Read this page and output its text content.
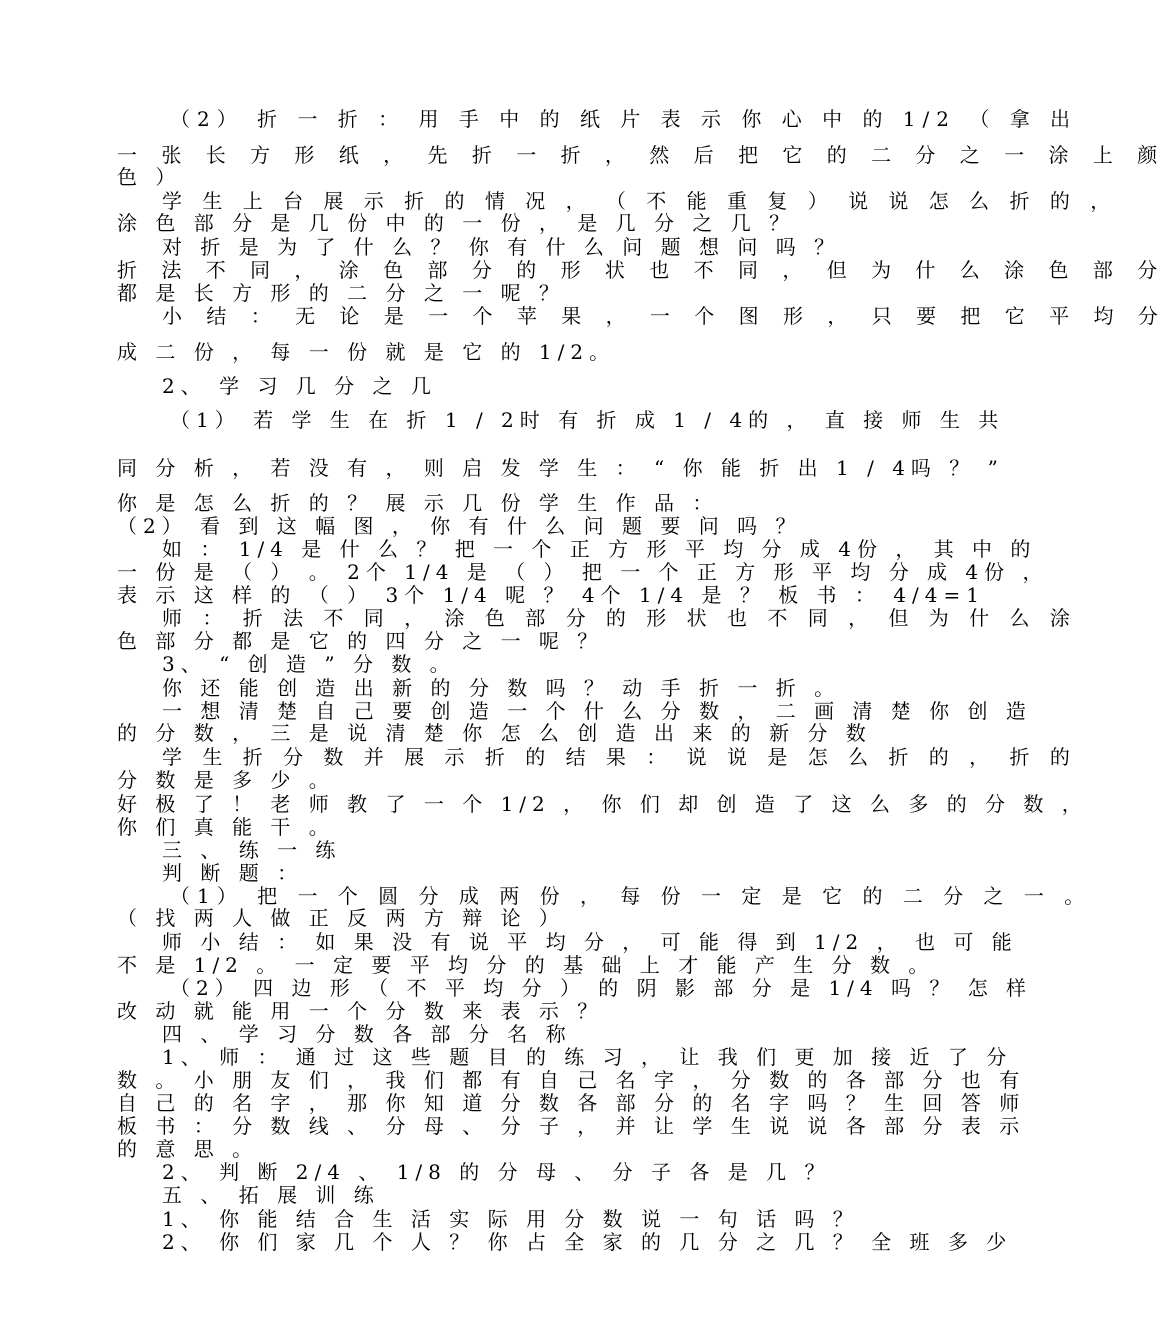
（2） 折 一 折 ： 用 手 中 的 纸 片 表 示 你 心 中 的 1/2 （ 拿 出
一 张 长 方 形 纸 ， 先 折 一 折 ， 然 后 把 它 的 二 分 之 一 涂 上 颜
色 ）
学 生 上 台 展 示 折 的 情 况 ， （ 不 能 重 复 ） 说 说 怎 么 折 的 ，
涂 色 部 分 是 几 份 中 的 一 份 ， 是 几 分 之 几 ？
对 折 是 为 了 什 么 ？ 你 有 什 么 问 题 想 问 吗 ？
折 法 不 同 ， 涂 色 部 分 的 形 状 也 不 同 ， 但 为 什 么 涂 色 部 分
都 是 长 方 形 的 二 分 之 一 呢 ？
小 结 ： 无 论 是 一 个 苹 果 ， 一 个 图 形 ， 只 要 把 它 平 均 分
成 二 份 ， 每 一 份 就 是 它 的 1/2。
2、 学 习 几 分 之 几
（1） 若 学 生 在 折 1 / 2时 有 折 成 1 / 4的 ， 直 接 师 生 共
同 分 析 ， 若 没 有 ， 则 启 发 学 生 ： “ 你 能 折 出 1 / 4吗 ？ ”
你 是 怎 么 折 的 ？ 展 示 几 份 学 生 作 品 ：
（2） 看 到 这 幅 图 ， 你 有 什 么 问 题 要 问 吗 ？
如 ： 1/4 是 什 么 ？ 把 一 个 正 方 形 平 均 分 成 4份 ， 其 中 的
一 份 是 （ ） 。 2个 1/4 是 （ ） 把 一 个 正 方 形 平 均 分 成 4份 ，
表 示 这 样 的 （ ） 3个 1/4 呢 ？ 4个 1/4 是 ？ 板 书 ： 4/4=1
师 ： 折 法 不 同 ， 涂 色 部 分 的 形 状 也 不 同 ， 但 为 什 么 涂
色 部 分 都 是 它 的 四 分 之 一 呢 ？
3、 “ 创 造 ” 分 数 。
你 还 能 创 造 出 新 的 分 数 吗 ？ 动 手 折 一 折 。
一 想 清 楚 自 己 要 创 造 一 个 什 么 分 数 ， 二 画 清 楚 你 创 造
的 分 数 ， 三 是 说 清 楚 你 怎 么 创 造 出 来 的 新 分 数
学 生 折 分 数 并 展 示 折 的 结 果 ： 说 说 是 怎 么 折 的 ， 折 的
分 数 是 多 少 。
好 极 了 ！ 老 师 教 了 一 个 1/2 ， 你 们 却 创 造 了 这 么 多 的 分 数 ，
你 们 真 能 干 。
三 、 练 一 练
判 断 题 ：
（1） 把 一 个 圆 分 成 两 份 ， 每 份 一 定 是 它 的 二 分 之 一 。
（ 找 两 人 做 正 反 两 方 辩 论 ）
师 小 结 ： 如 果 没 有 说 平 均 分 ， 可 能 得 到 1/2 ， 也 可 能
不 是 1/2 。 一 定 要 平 均 分 的 基 础 上 才 能 产 生 分 数 。
（2） 四 边 形 （ 不 平 均 分 ） 的 阴 影 部 分 是 1/4 吗 ？ 怎 样
改 动 就 能 用 一 个 分 数 来 表 示 ？
四 、 学 习 分 数 各 部 分 名 称
1、 师 ： 通 过 这 些 题 目 的 练 习 ， 让 我 们 更 加 接 近 了 分
数 。 小 朋 友 们 ， 我 们 都 有 自 己 名 字 ， 分 数 的 各 部 分 也 有
自 己 的 名 字 ， 那 你 知 道 分 数 各 部 分 的 名 字 吗 ？ 生 回 答 师
板 书 ： 分 数 线 、 分 母 、 分 子 ， 并 让 学 生 说 说 各 部 分 表 示
的 意 思 。
2、 判 断 2/4 、 1/8 的 分 母 、 分 子 各 是 几 ？
五 、 拓 展 训 练
1、 你 能 结 合 生 活 实 际 用 分 数 说 一 句 话 吗 ？
2、 你 们 家 几 个 人 ？ 你 占 全 家 的 几 分 之 几 ？ 全 班 多 少
